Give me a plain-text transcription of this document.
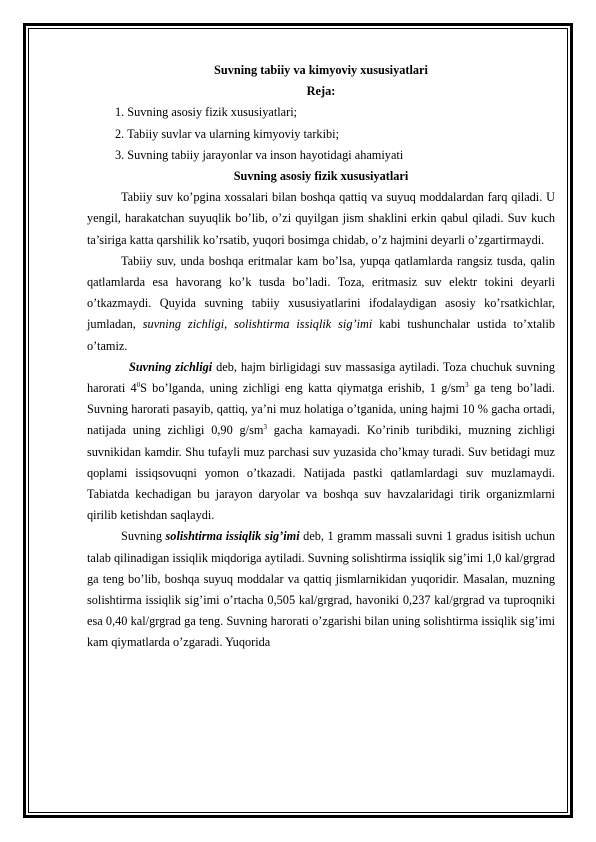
Suvning tabiiy va kimyoviy xususiyatlari

Reja:

1. Suvning asosiy fizik xususiyatlari;
2. Tabiiy suvlar va ularning kimyoviy tarkibi;
3. Suvning tabiiy jarayonlar va inson hayotidagi ahamiyati

Suvning asosiy fizik xususiyatlari

Tabiiy suv ko’pgina xossalari bilan boshqa qattiq va suyuq moddalardan farq qiladi. U yengil, harakatchan suyuqlik bo’lib, o’zi quyilgan jism shaklini erkin qabul qiladi. Suv kuch ta’siriga katta qarshilik ko’rsatib, yuqori bosimga chidab, o’z hajmini deyarli o’zgartirmaydi.

Tabiiy suv, unda boshqa eritmalar kam bo’lsa, yupqa qatlamlarda rangsiz tusda, qalin qatlamlarda esa havorang ko’k tusda bo’ladi. Toza, eritmasiz suv elektr tokini deyarli o’tkazmaydi. Quyida suvning tabiiy xususiyatlarini ifodalaydigan asosiy ko’rsatkichlar, jumladan, suvning zichligi, solishtirma issiqlik sig’imi kabi tushunchalar ustida to’xtalib o’tamiz.

Suvning zichligi deb, hajm birligidagi suv massasiga aytiladi. Toza chuchuk suvning harorati $4^0S$ bo’lganda, uning zichligi eng katta qiymatga erishib, 1 $g/sm^3$ ga teng bo’ladi. Suvning harorati pasayib, qattiq, ya’ni muz holatiga o’tganida, uning hajmi 10 % gacha ortadi, natijada uning zichligi 0,90 $g/sm^3$ gacha kamayadi. Ko’rinib turibdiki, muzning zichligi suvnikidan kamdir. Shu tufayli muz parchasi suv yuzasida cho’kmay turadi. Suv betidagi muz qoplami issiqsovuqni yomon o’tkazadi. Natijada pastki qatlamlardagi suv muzlamaydi. Tabiatda kechadigan bu jarayon daryolar va boshqa suv havzalaridagi tirik organizmlarni qirilib ketishdan saqlaydi.

Suvning solishtirma issiqlik sig’imi deb, 1 gramm massali suvni 1 gradus isitish uchun talab qilinadigan issiqlik miqdoriga aytiladi. Suvning solishtirma issiqlik sig’imi 1,0 kal/grgrad ga teng bo’lib, boshqa suyuq moddalar va qattiq jismlarnikidan yuqoridir. Masalan, muzning solishtirma issiqlik sig’imi o’rtacha 0,505 kal/grgrad, havoniki 0,237 kal/grgrad va tuproqniki esa 0,40 kal/grgrad ga teng. Suvning harorati o’zgarishi bilan uning solishtirma issiqlik sig’imi kam qiymatlarda o’zgaradi. Yuqorida
